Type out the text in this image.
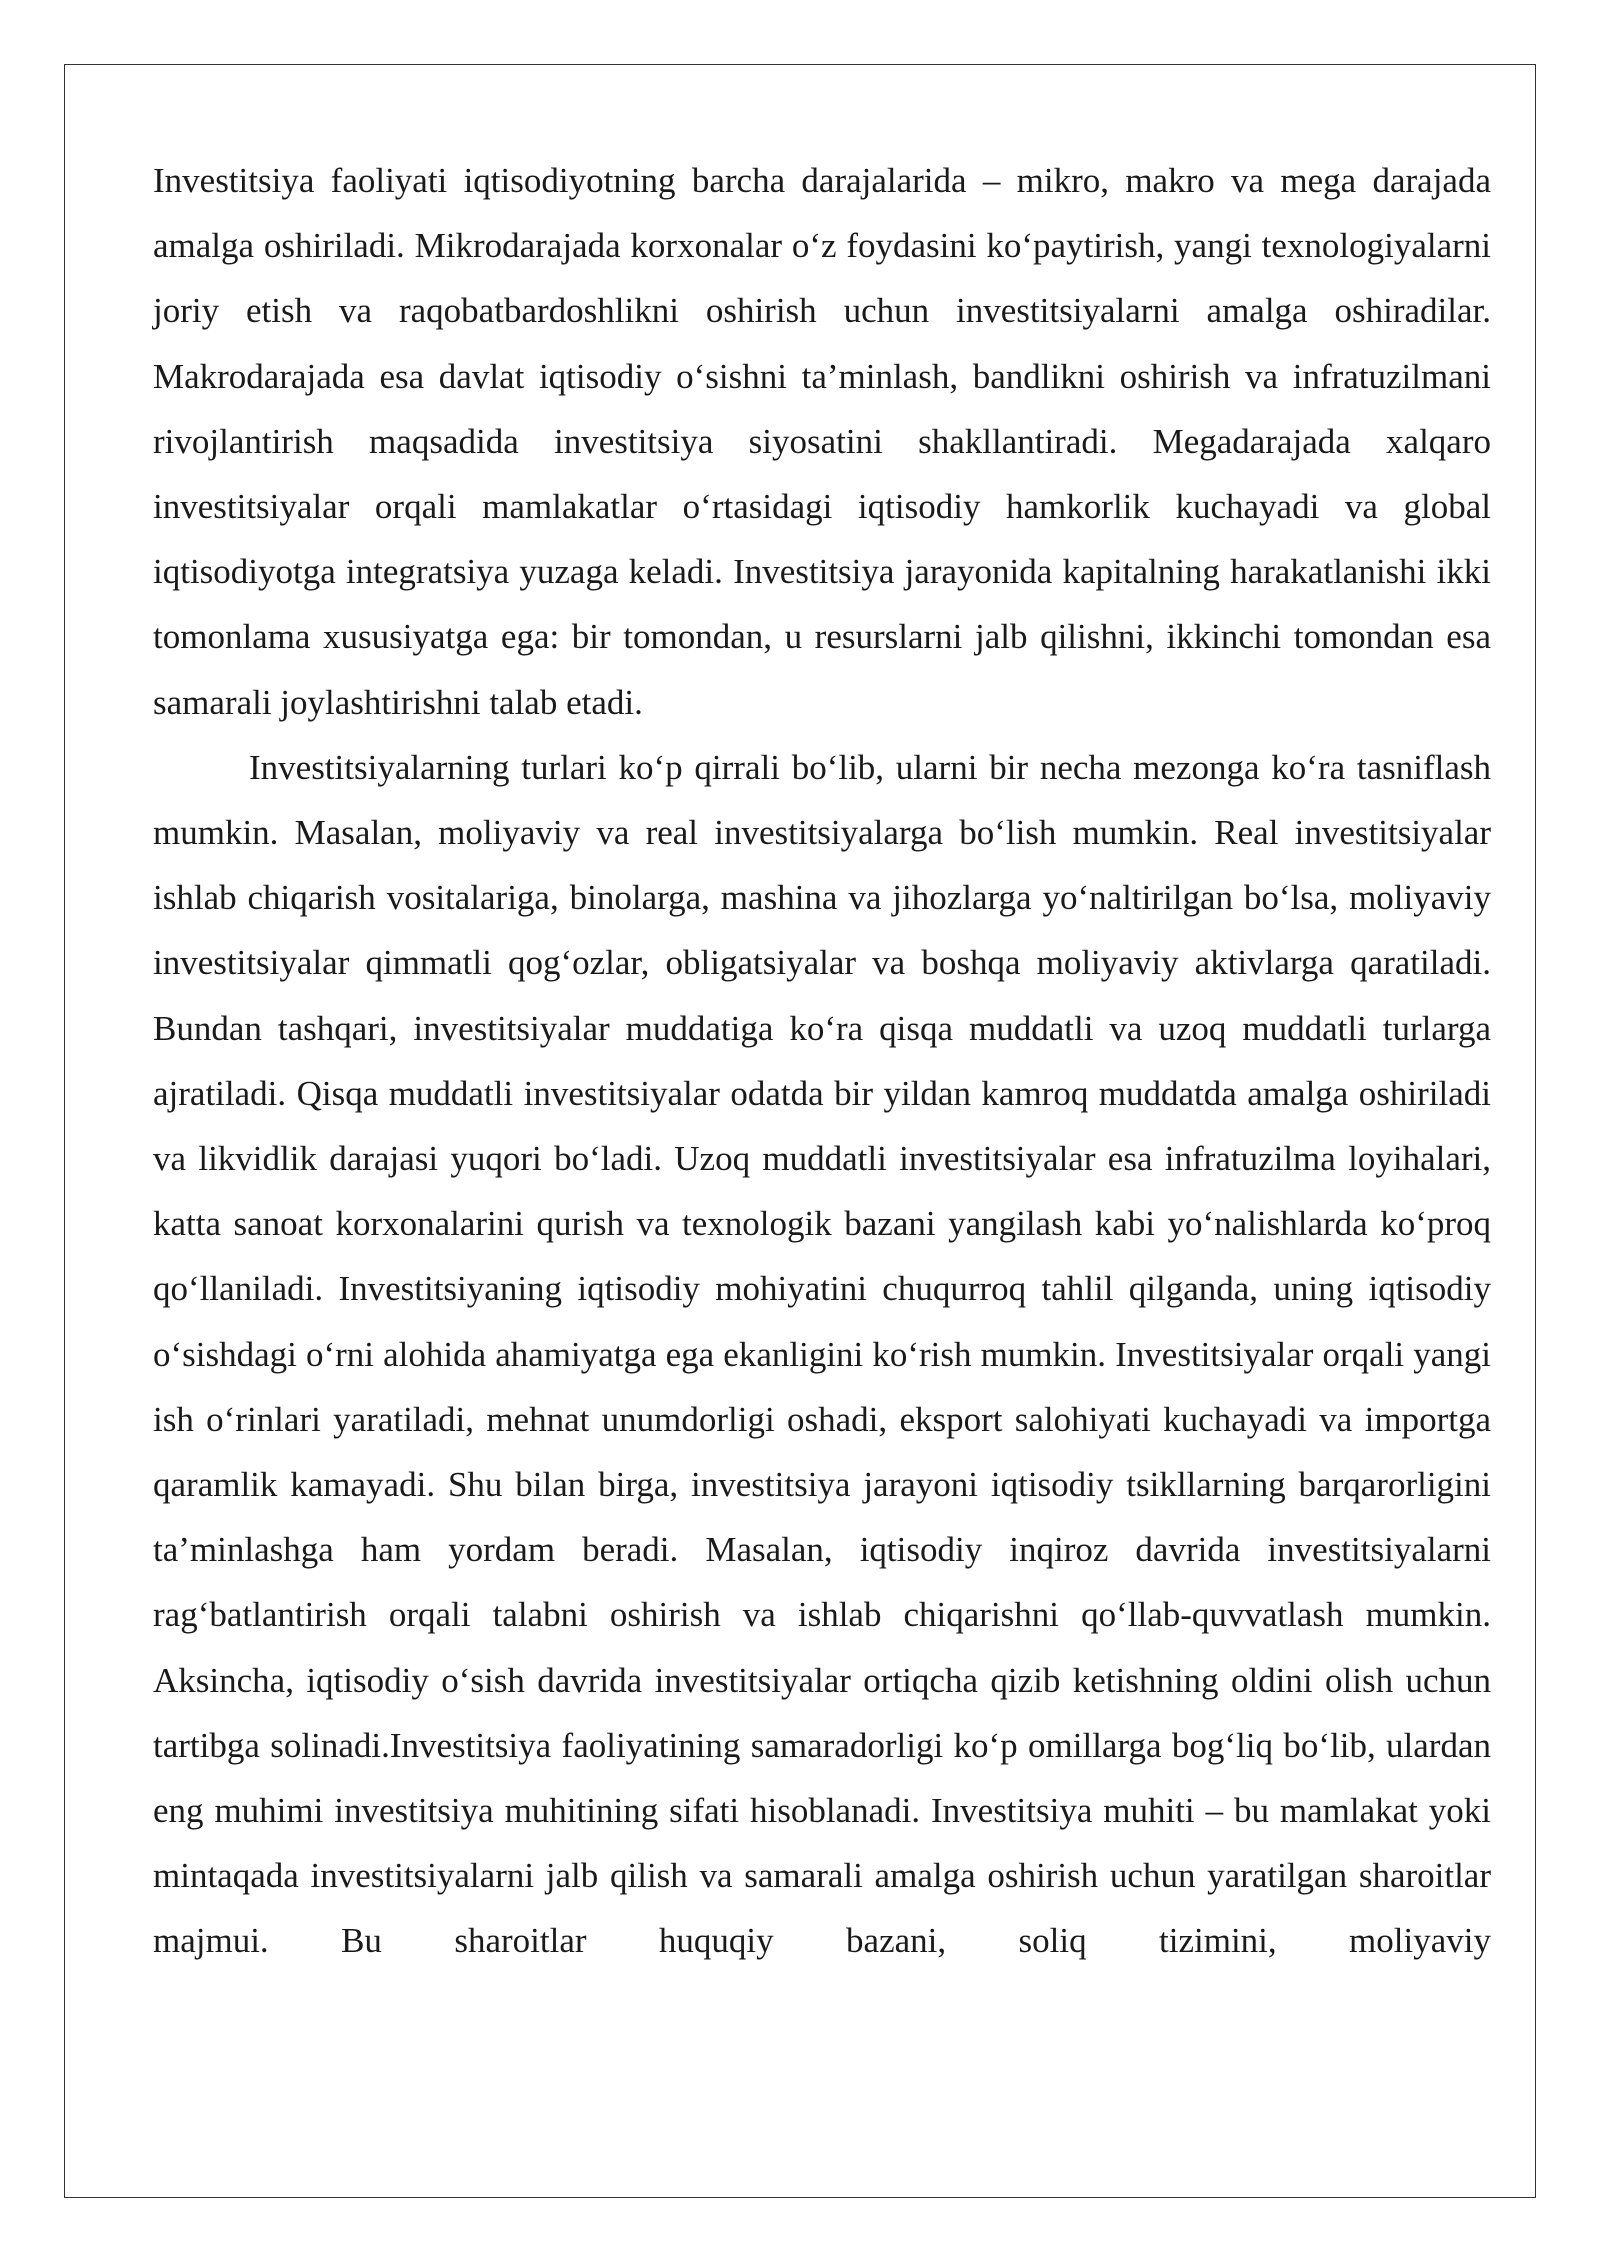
Investitsiya faoliyati iqtisodiyotning barcha darajalarida – mikro, makro va mega darajada amalga oshiriladi. Mikrodarajada korxonalar o‘z foydasini ko‘paytirish, yangi texnologiyalarni joriy etish va raqobatbardoshlikni oshirish uchun investitsiyalarni amalga oshiradilar. Makrodarajada esa davlat iqtisodiy o‘sishni ta’minlash, bandlikni oshirish va infratuzilmani rivojlantirish maqsadida investitsiya siyosatini shakllantiradi. Megadarajada xalqaro investitsiyalar orqali mamlakatlar o‘rtasidagi iqtisodiy hamkorlik kuchayadi va global iqtisodiyotga integratsiya yuzaga keladi. Investitsiya jarayonida kapitalning harakatlanishi ikki tomonlama xususiyatga ega: bir tomondan, u resurslarni jalb qilishni, ikkinchi tomondan esa samarali joylashtirishni talab etadi.

Investitsiyalarning turlari ko‘p qirrali bo‘lib, ularni bir necha mezonga ko‘ra tasniflash mumkin. Masalan, moliyaviy va real investitsiyalarga bo‘lish mumkin. Real investitsiyalar ishlab chiqarish vositalariga, binolarga, mashina va jihozlarga yo‘naltirilgan bo‘lsa, moliyaviy investitsiyalar qimmatli qog‘ozlar, obligatsiyalar va boshqa moliyaviy aktivlarga qaratiladi. Bundan tashqari, investitsiyalar muddatiga ko‘ra qisqa muddatli va uzoq muddatli turlarga ajratiladi. Qisqa muddatli investitsiyalar odatda bir yildan kamroq muddatda amalga oshiriladi va likvidlik darajasi yuqori bo‘ladi. Uzoq muddatli investitsiyalar esa infratuzilma loyihalari, katta sanoat korxonalarini qurish va texnologik bazani yangilash kabi yo‘nalishlarda ko‘proq qo‘llaniladi. Investitsiyaning iqtisodiy mohiyatini chuqurroq tahlil qilganda, uning iqtisodiy o‘sishdagi o‘rni alohida ahamiyatga ega ekanligini ko‘rish mumkin. Investitsiyalar orqali yangi ish o‘rinlari yaratiladi, mehnat unumdorligi oshadi, eksport salohiyati kuchayadi va importga qaramlik kamayadi. Shu bilan birga, investitsiya jarayoni iqtisodiy tsikllarning barqarorligini ta’minlashga ham yordam beradi. Masalan, iqtisodiy inqiroz davrida investitsiyalarni rag‘batlantirish orqali talabni oshirish va ishlab chiqarishni qo‘llab-quvvatlash mumkin. Aksincha, iqtisodiy o‘sish davrida investitsiyalar ortiqcha qizib ketishning oldini olish uchun tartibga solinadi.Investitsiya faoliyatining samaradorligi ko‘p omillarga bog‘liq bo‘lib, ulardan eng muhimi investitsiya muhitining sifati hisoblanadi. Investitsiya muhiti – bu mamlakat yoki mintaqada investitsiyalarni jalb qilish va samarali amalga oshirish uchun yaratilgan sharoitlar majmui. Bu sharoitlar huquqiy bazani, soliq tizimini, moliyaviy
